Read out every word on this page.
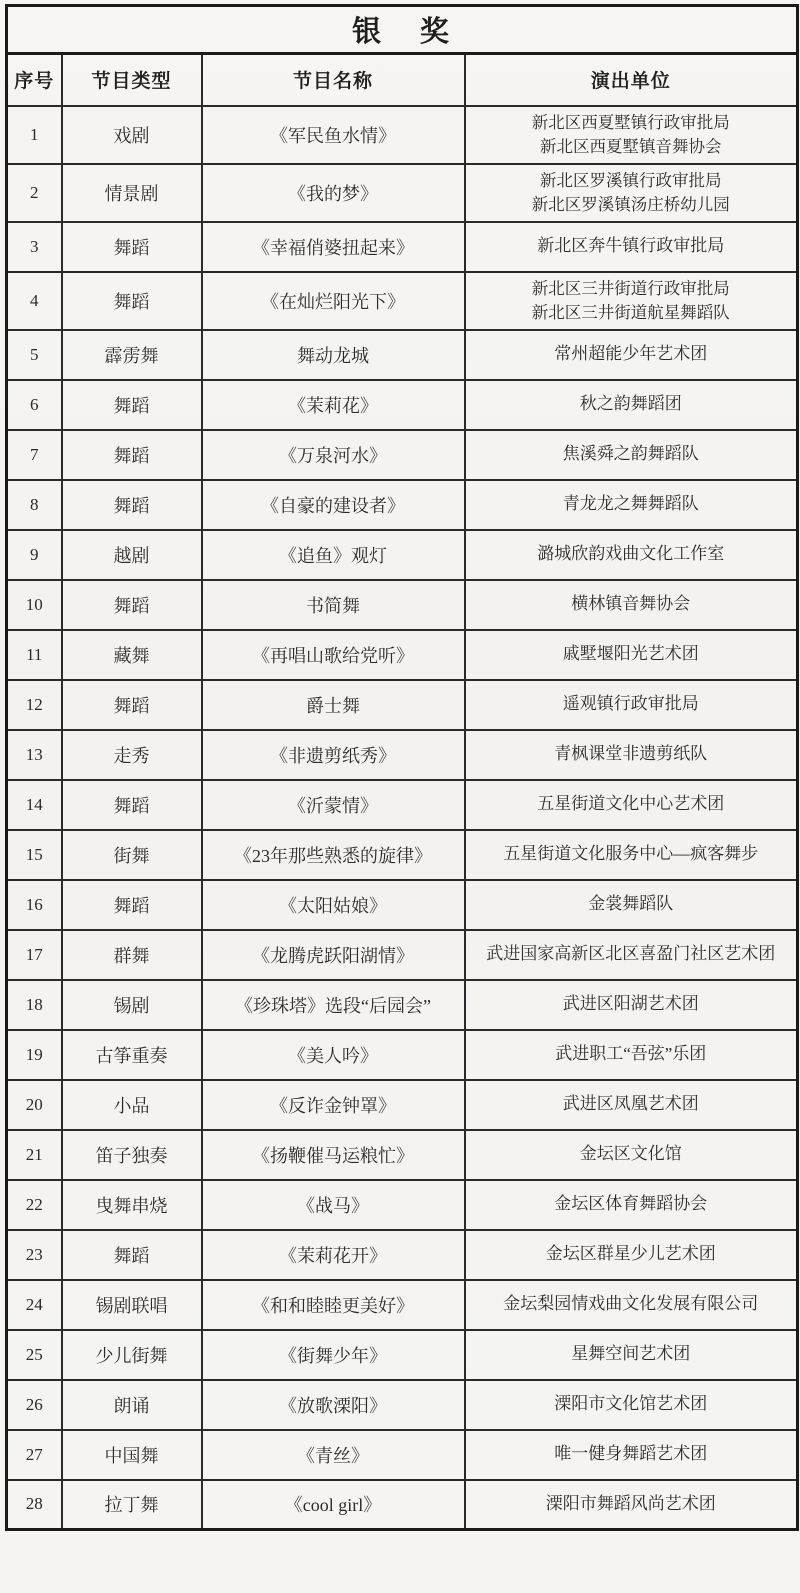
银 奖			
序号	节目类型	节目名称	演出单位
1	戏剧	《军民鱼水情》	新北区西夏墅镇行政审批局
新北区西夏墅镇音舞协会

2	情景剧	《我的梦》	新北区罗溪镇行政审批局
新北区罗溪镇汤庄桥幼儿园

3	舞蹈	《幸福俏婆扭起来》	新北区奔牛镇行政审批局

4	舞蹈	《在灿烂阳光下》	新北区三井街道行政审批局
新北区三井街道航星舞蹈队

5	霹雳舞	舞动龙城	常州超能少年艺术团

6	舞蹈	《茉莉花》	秋之韵舞蹈团

7	舞蹈	《万泉河水》	焦溪舜之韵舞蹈队

8	舞蹈	《自豪的建设者》	青龙龙之舞舞蹈队

9	越剧	《追鱼》观灯	潞城欣韵戏曲文化工作室

10	舞蹈	书简舞	横林镇音舞协会

11	藏舞	《再唱山歌给党听》	戚墅堰阳光艺术团

12	舞蹈	爵士舞	遥观镇行政审批局

13	走秀	《非遗剪纸秀》	青枫课堂非遗剪纸队

14	舞蹈	《沂蒙情》	五星街道文化中心艺术团

15	街舞	《23年那些熟悉的旋律》	五星街道文化服务中心—疯客舞步

16	舞蹈	《太阳姑娘》	金裳舞蹈队

17	群舞	《龙腾虎跃阳湖情》	武进国家高新区北区喜盈门社区艺术团

18	锡剧	《珍珠塔》选段“后园会”	武进区阳湖艺术团

19	古筝重奏	《美人吟》	武进职工“吾弦”乐团

20	小品	《反诈金钟罩》	武进区凤凰艺术团

21	笛子独奏	《扬鞭催马运粮忙》	金坛区文化馆

22	曳舞串烧	《战马》	金坛区体育舞蹈协会

23	舞蹈	《茉莉花开》	金坛区群星少儿艺术团

24	锡剧联唱	《和和睦睦更美好》	金坛梨园情戏曲文化发展有限公司

25	少儿街舞	《街舞少年》	星舞空间艺术团

26	朗诵	《放歌溧阳》	溧阳市文化馆艺术团

27	中国舞	《青丝》	唯一健身舞蹈艺术团

28	拉丁舞	《cool girl》	溧阳市舞蹈风尚艺术团
